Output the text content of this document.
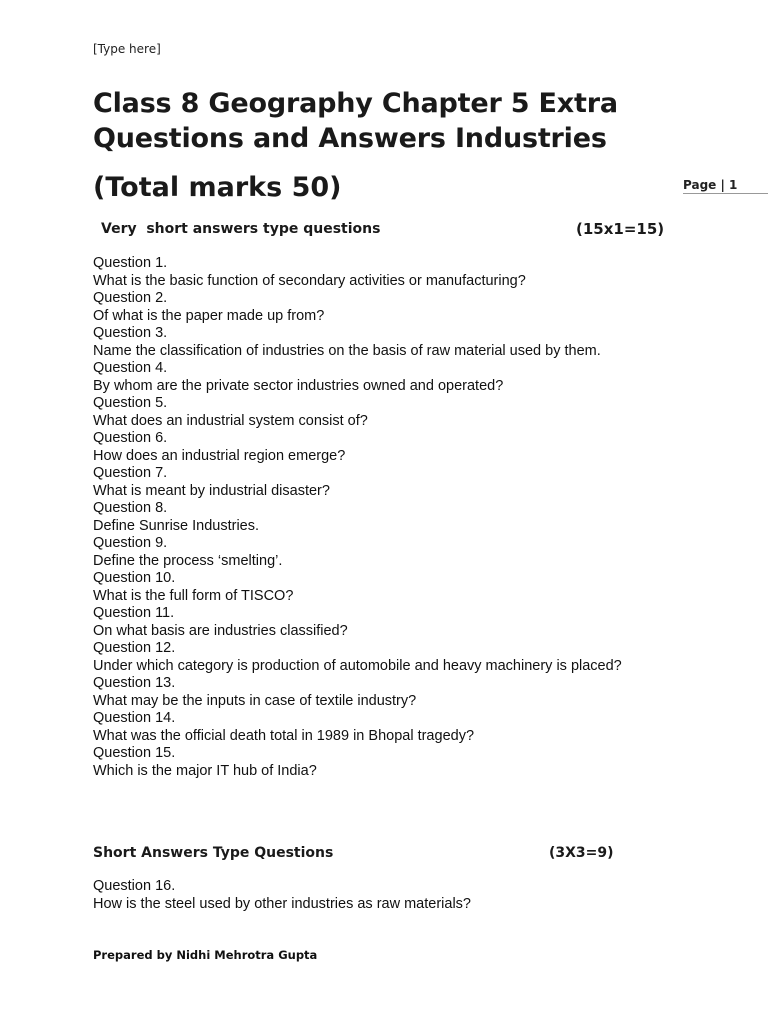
[Type here]
Class 8 Geography Chapter 5 Extra Questions and Answers Industries
(Total marks 50)	Page | 1
Very  short answers type questions	(15x1=15)
Question 1.
What is the basic function of secondary activities or manufacturing?
Question 2.
Of what is the paper made up from?
Question 3.
Name the classification of industries on the basis of raw material used by them.
Question 4.
By whom are the private sector industries owned and operated?
Question 5.
What does an industrial system consist of?
Question 6.
How does an industrial region emerge?
Question 7.
What is meant by industrial disaster?
Question 8.
Define Sunrise Industries.
Question 9.
Define the process ‘smelting’.
Question 10.
What is the full form of TISCO?
Question 11.
On what basis are industries classified?
Question 12.
Under which category is production of automobile and heavy machinery is placed?
Question 13.
What may be the inputs in case of textile industry?
Question 14.
What was the official death total in 1989 in Bhopal tragedy?
Question 15.
Which is the major IT hub of India?
Short Answers Type Questions	(3X3=9)
Question 16.
How is the steel used by other industries as raw materials?
Prepared by Nidhi Mehrotra Gupta
